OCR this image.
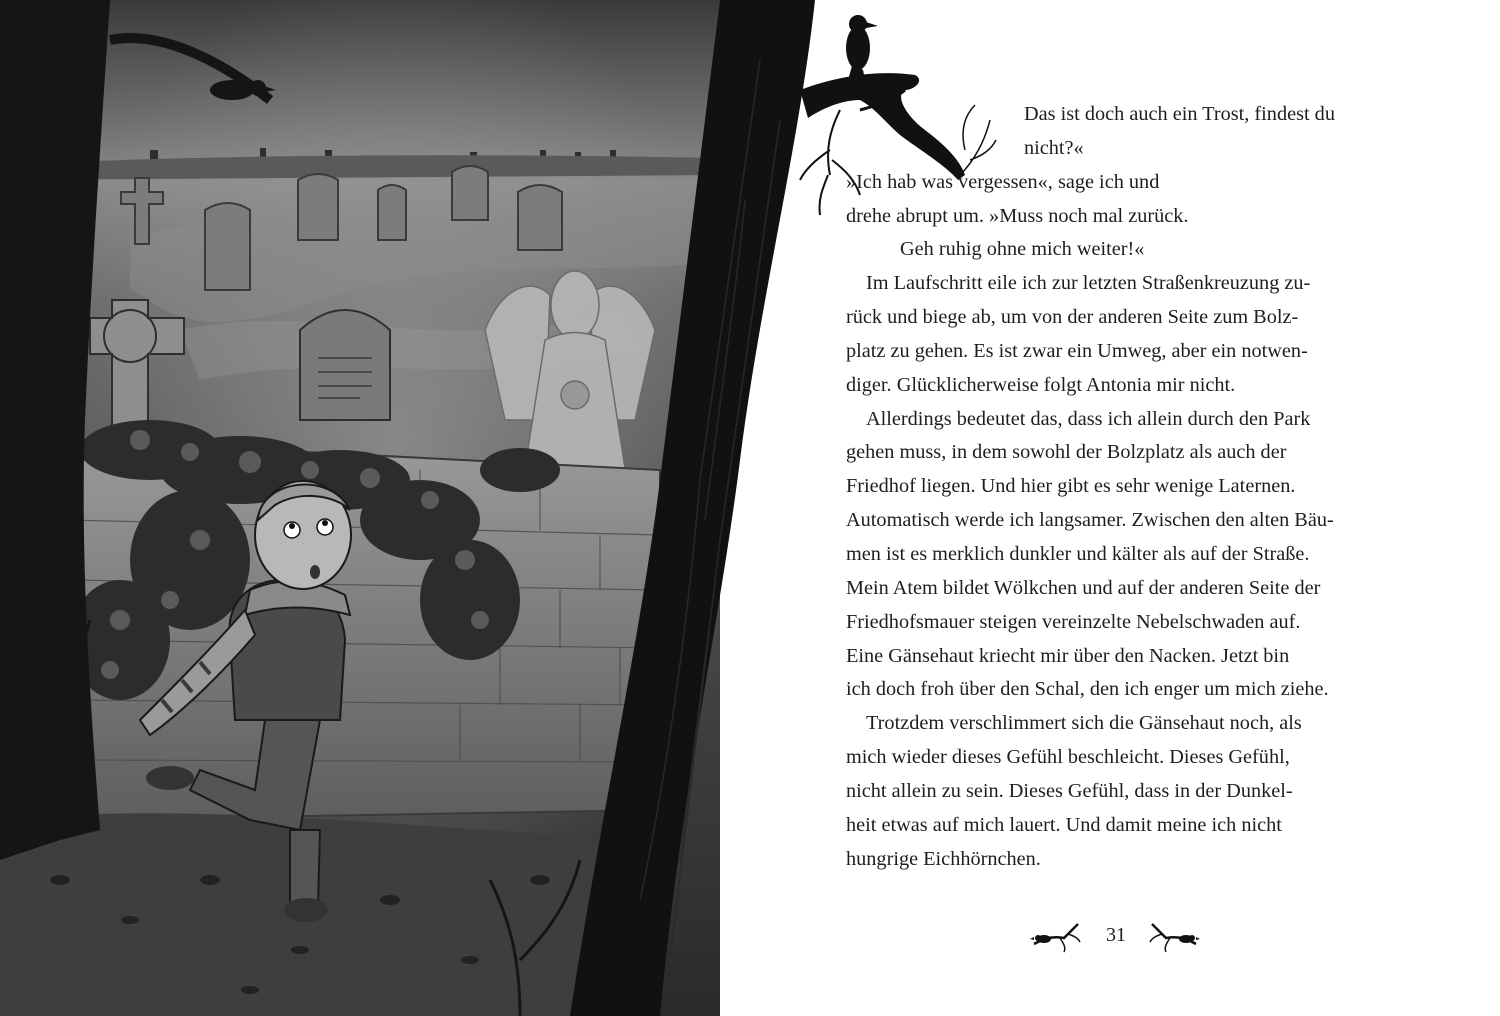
Das ist doch auch ein Trost, findest du
nicht?«
»Ich hab was vergessen«, sage ich und
drehe abrupt um. »Muss noch mal zurück.
Geh ruhig ohne mich weiter!«
Im Laufschritt eile ich zur letzten Straßenkreuzung zu-
rück und biege ab, um von der anderen Seite zum Bolz-
platz zu gehen. Es ist zwar ein Umweg, aber ein notwen-
diger. Glücklicherweise folgt Antonia mir nicht.
Allerdings bedeutet das, dass ich allein durch den Park
gehen muss, in dem sowohl der Bolzplatz als auch der
Friedhof liegen. Und hier gibt es sehr wenige Laternen.
Automatisch werde ich langsamer. Zwischen den alten Bäu-
men ist es merklich dunkler und kälter als auf der Straße.
Mein Atem bildet Wölkchen und auf der anderen Seite der
Friedhofsmauer steigen vereinzelte Nebelschwaden auf.
Eine Gänsehaut kriecht mir über den Nacken. Jetzt bin
ich doch froh über den Schal, den ich enger um mich ziehe.
Trotzdem verschlimmert sich die Gänsehaut noch, als
mich wieder dieses Gefühl beschleicht. Dieses Gefühl,
nicht allein zu sein. Dieses Gefühl, dass in der Dunkel-
heit etwas auf mich lauert. Und damit meine ich nicht
hungrige Eichhörnchen.
31
